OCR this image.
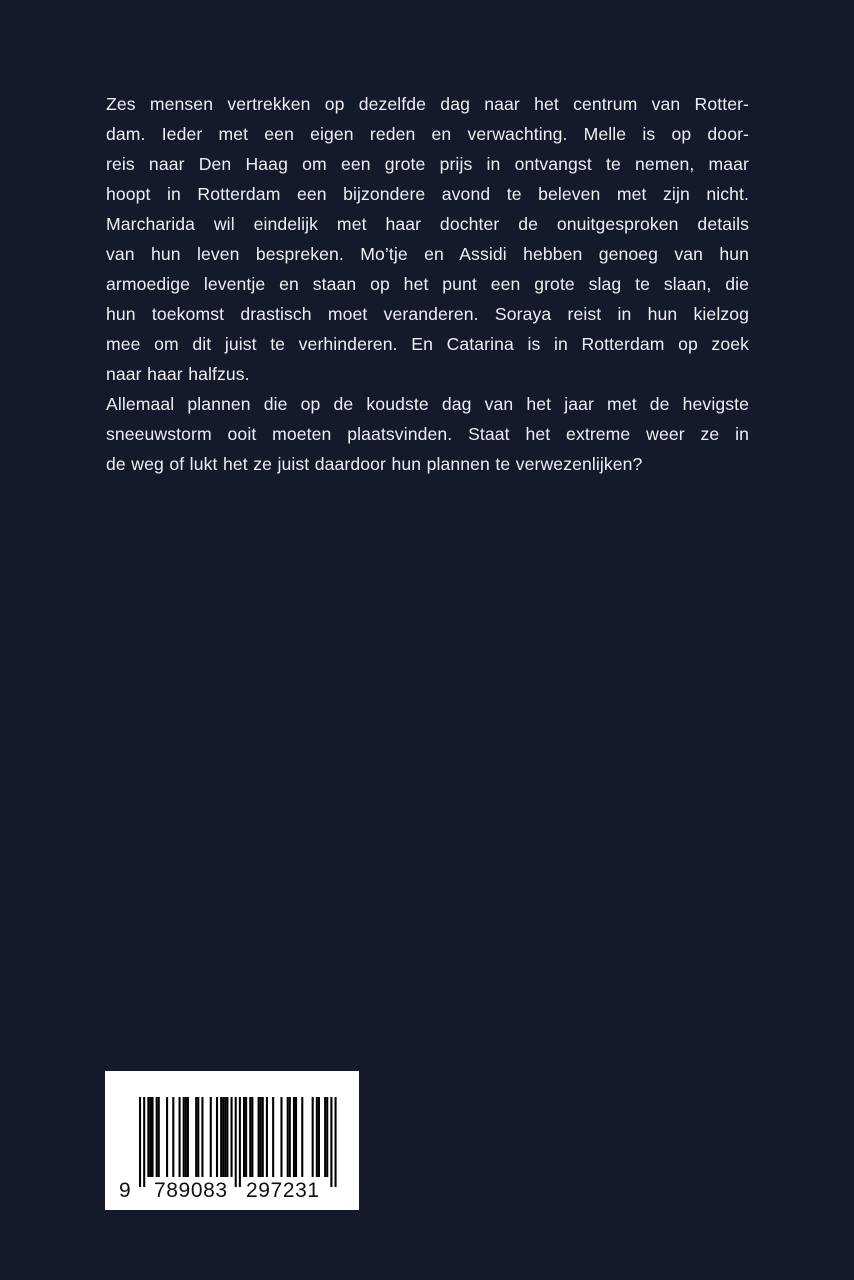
Zes mensen vertrekken op dezelfde dag naar het centrum van Rotter-
dam. Ieder met een eigen reden en verwachting. Melle is op door-
reis naar Den Haag om een grote prijs in ontvangst te nemen, maar
hoopt in Rotterdam een bijzondere avond te beleven met zijn nicht.
Marcharida wil eindelijk met haar dochter de onuitgesproken details
van hun leven bespreken. Mo’tje en Assidi hebben genoeg van hun
armoedige leventje en staan op het punt een grote slag te slaan, die
hun toekomst drastisch moet veranderen. Soraya reist in hun kielzog
mee om dit juist te verhinderen. En Catarina is in Rotterdam op zoek
naar haar halfzus.
Allemaal plannen die op de koudste dag van het jaar met de hevigste
sneeuwstorm ooit moeten plaatsvinden. Staat het extreme weer ze in
de weg of lukt het ze juist daardoor hun plannen te verwezenlijken?
9 789083 297231
